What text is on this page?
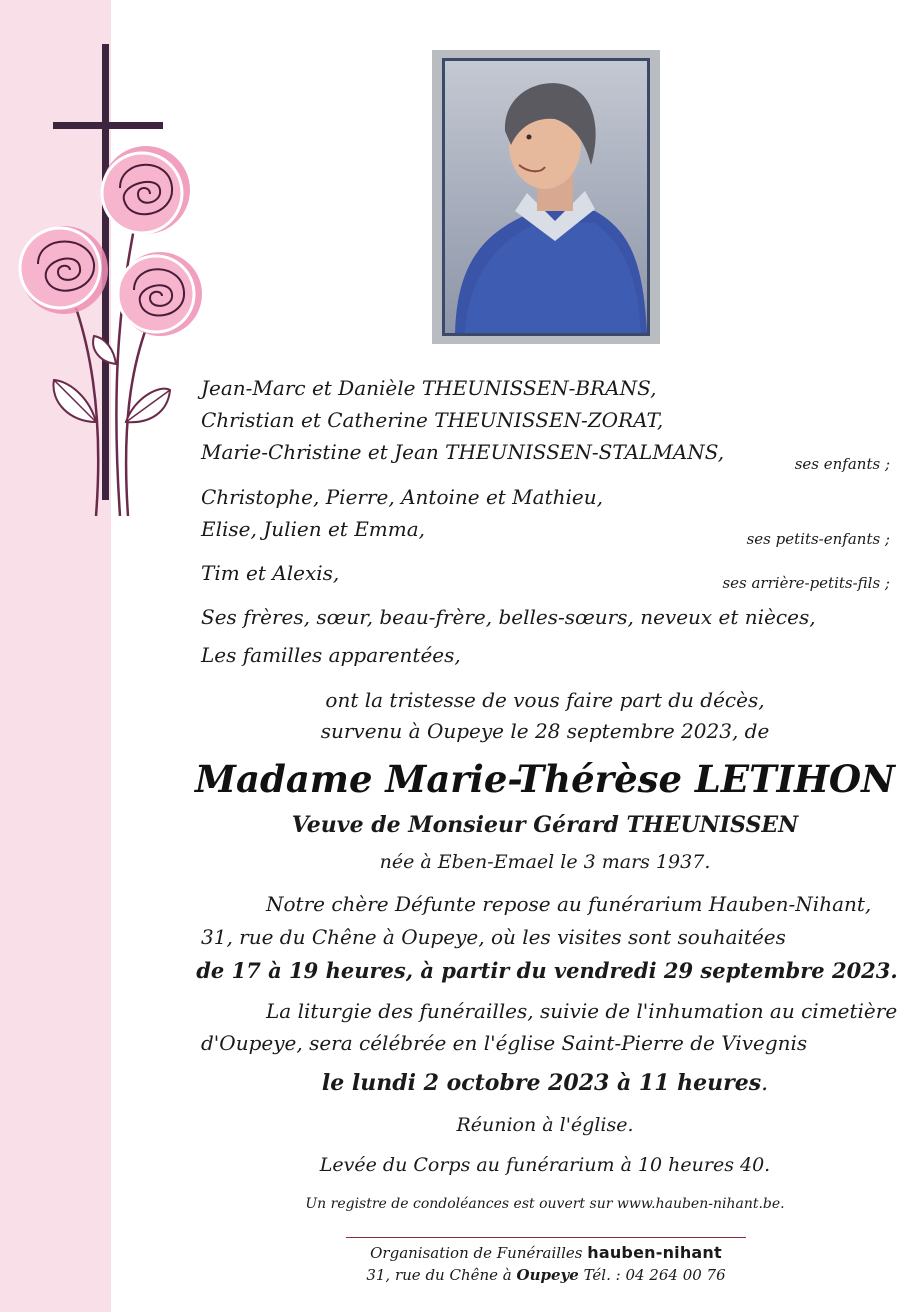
Jean-Marc et Danièle THEUNISSEN-BRANS,
Christian et Catherine THEUNISSEN-ZORAT,
Marie-Christine et Jean THEUNISSEN-STALMANS,	ses enfants ;
Christophe, Pierre, Antoine et Mathieu,
Elise, Julien et Emma,	ses petits-enfants ;
Tim et Alexis,	ses arrière-petits-fils ;
Ses frères, sœur, beau-frère, belles-sœurs, neveux et nièces,
Les familles apparentées,
ont la tristesse de vous faire part du décès,
survenu à Oupeye le 28 septembre 2023, de
Madame Marie-Thérèse LETIHON
Veuve de Monsieur Gérard THEUNISSEN
née à Eben-Emael le 3 mars 1937.
Notre chère Défunte repose au funérarium Hauben-Nihant,
31, rue du Chêne à Oupeye, où les visites sont souhaitées
de 17 à 19 heures, à partir du vendredi 29 septembre 2023.
La liturgie des funérailles, suivie de l'inhumation au cimetière
d'Oupeye, sera célébrée en l'église Saint-Pierre de Vivegnis
le lundi 2 octobre 2023 à 11 heures.
Réunion à l'église.
Levée du Corps au funérarium à 10 heures 40.
Un registre de condoléances est ouvert sur www.hauben-nihant.be.
Organisation de Funérailles hauben-nihant
31, rue du Chêne à Oupeye Tél. : 04 264 00 76
